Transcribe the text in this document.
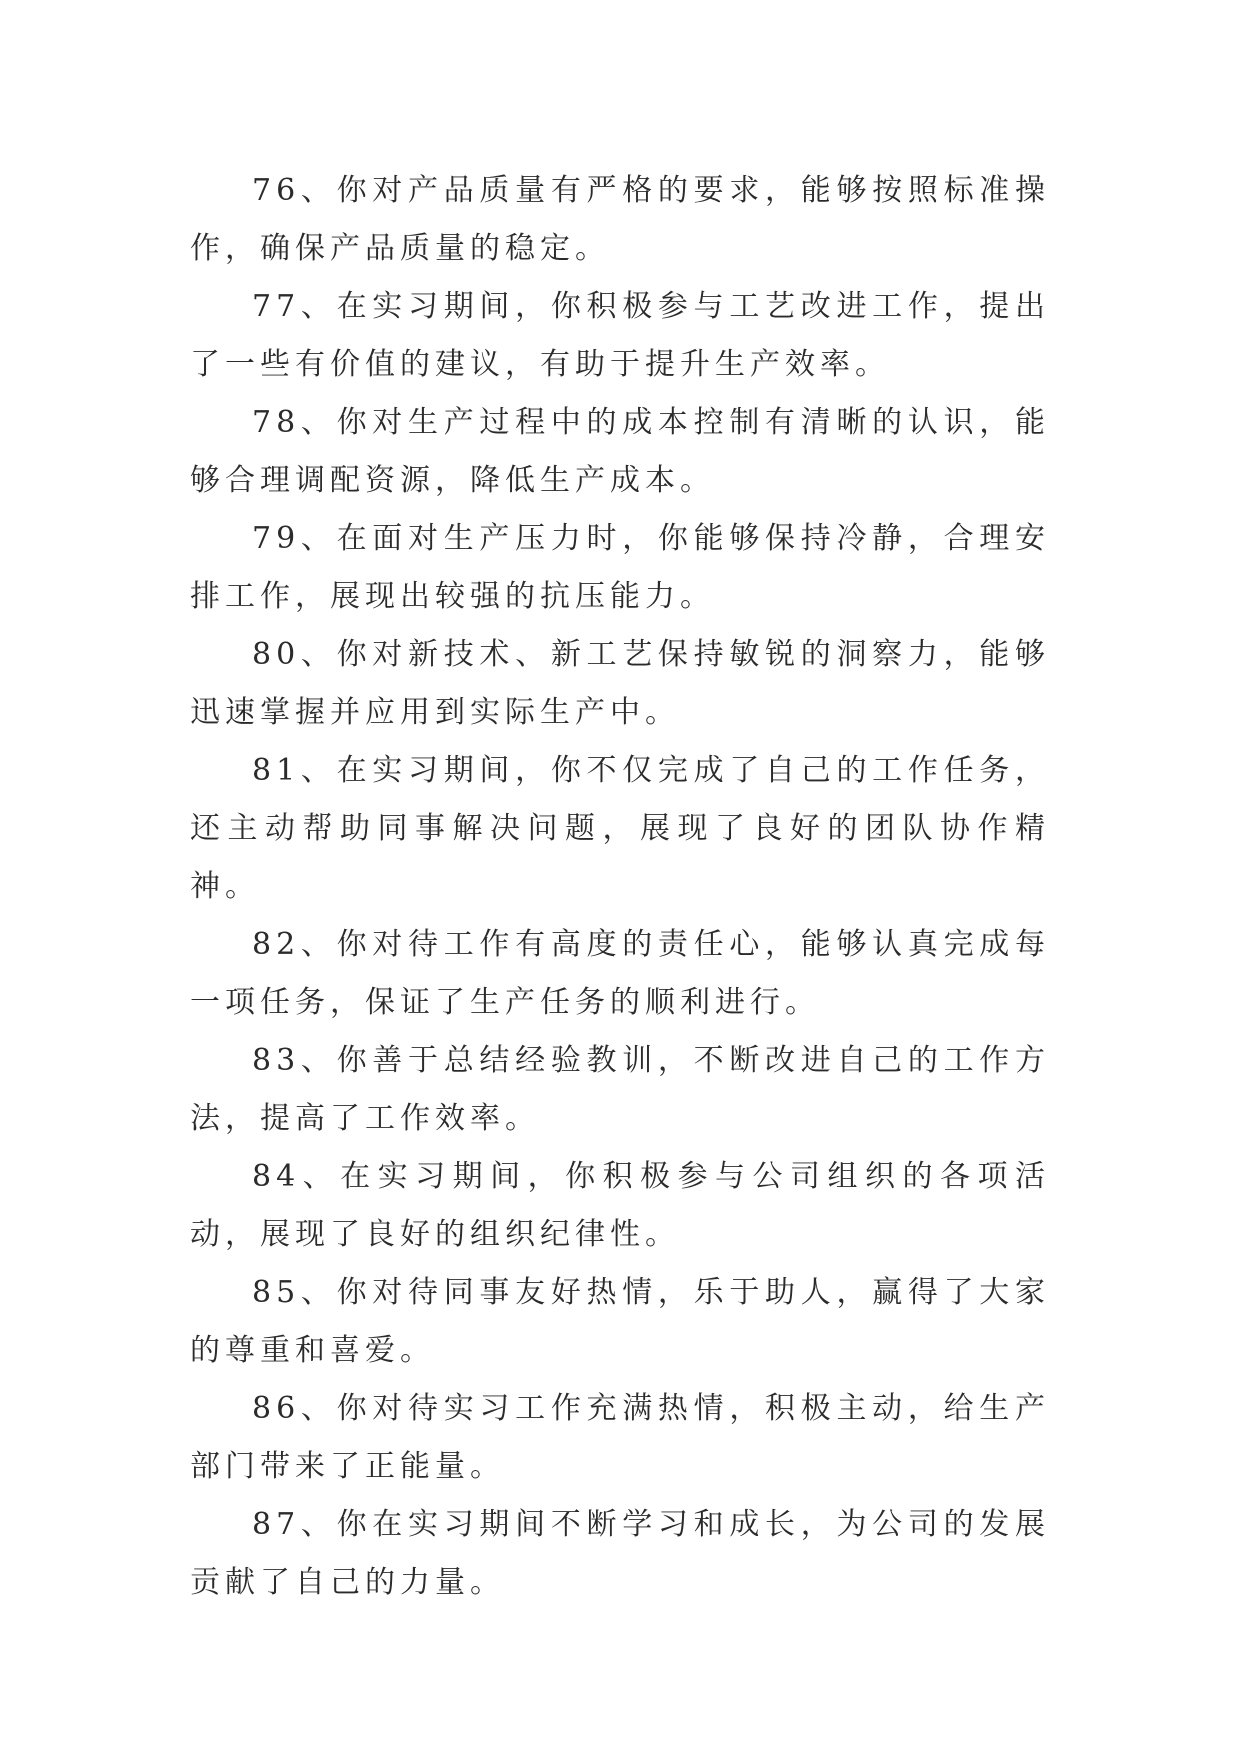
76、你对产品质量有严格的要求，能够按照标准操作，确保产品质量的稳定。

77、在实习期间，你积极参与工艺改进工作，提出了一些有价值的建议，有助于提升生产效率。

78、你对生产过程中的成本控制有清晰的认识，能够合理调配资源，降低生产成本。

79、在面对生产压力时，你能够保持冷静，合理安排工作，展现出较强的抗压能力。

80、你对新技术、新工艺保持敏锐的洞察力，能够迅速掌握并应用到实际生产中。

81、在实习期间，你不仅完成了自己的工作任务，还主动帮助同事解决问题，展现了良好的团队协作精神。

82、你对待工作有高度的责任心，能够认真完成每一项任务，保证了生产任务的顺利进行。

83、你善于总结经验教训，不断改进自己的工作方法，提高了工作效率。

84、在实习期间，你积极参与公司组织的各项活动，展现了良好的组织纪律性。

85、你对待同事友好热情，乐于助人，赢得了大家的尊重和喜爱。

86、你对待实习工作充满热情，积极主动，给生产部门带来了正能量。

87、你在实习期间不断学习和成长，为公司的发展贡献了自己的力量。
